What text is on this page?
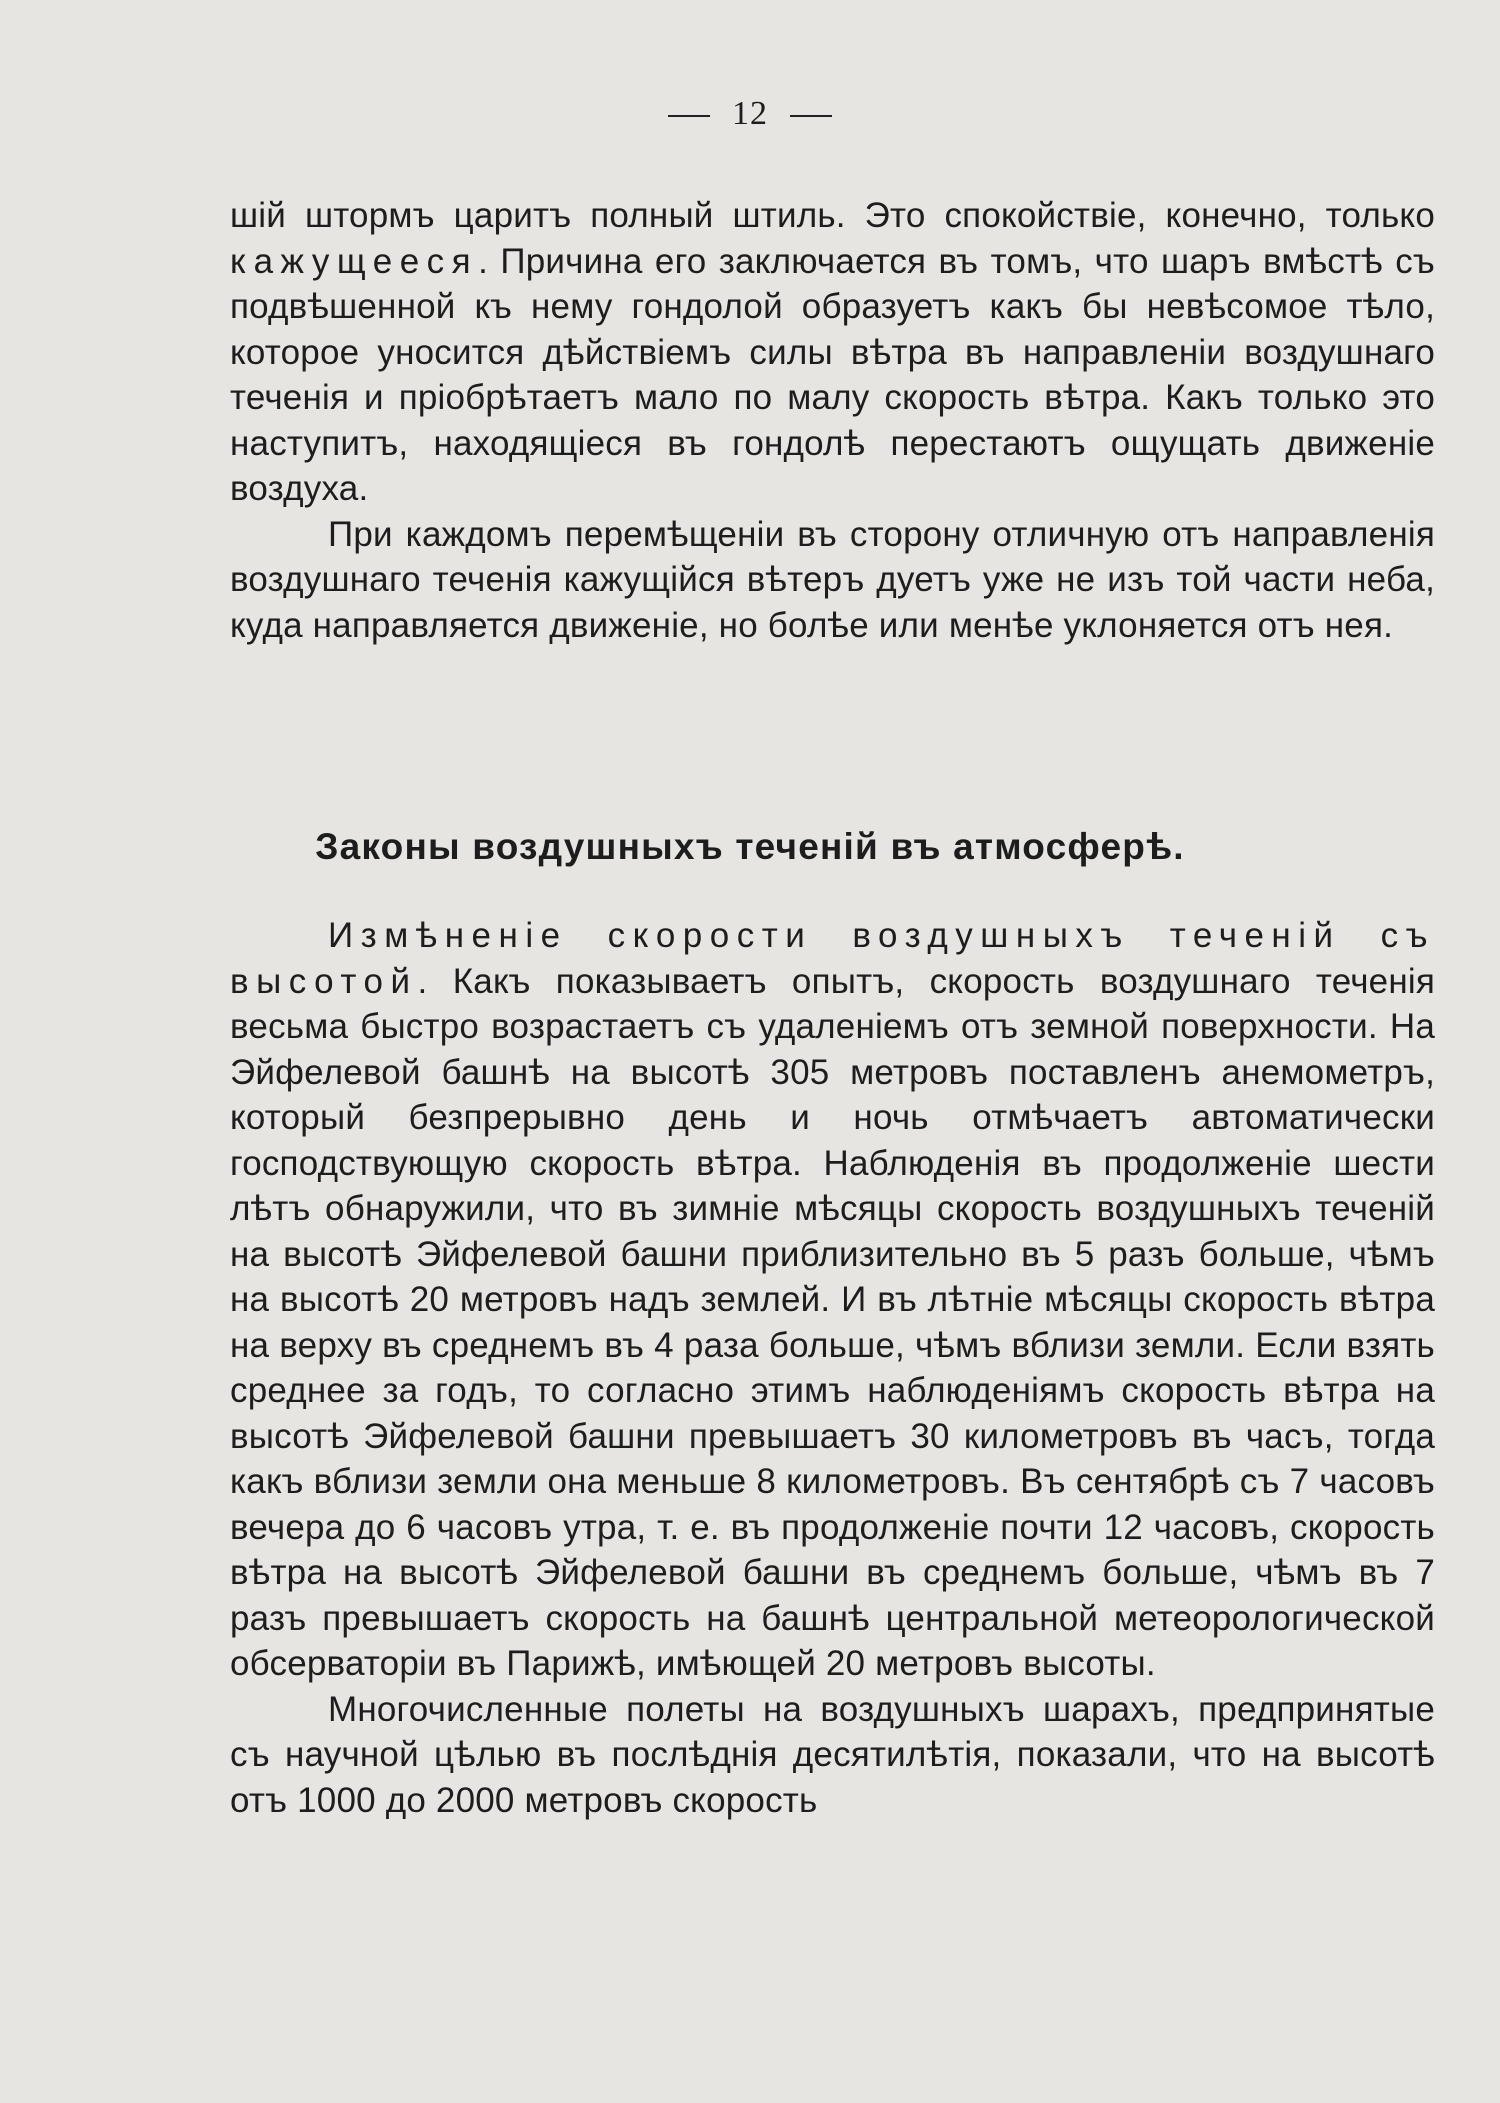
12

шій штормъ царитъ полный штиль. Это спокойствіе, конечно, только кажущееся. Причина его заключается въ томъ, что шаръ вмѣстѣ съ подвѣшенной къ нему гондолой образуетъ какъ бы невѣсомое тѣло, которое уносится дѣйствіемъ силы вѣтра въ направленіи воздушнаго теченія и пріобрѣтаетъ мало по малу скорость вѣтра. Какъ только это наступитъ, находящіеся въ гондолѣ перестаютъ ощущать движеніе воздуха.

При каждомъ перемѣщеніи въ сторону отличную отъ направленія воздушнаго теченія кажущійся вѣтеръ дуетъ уже не изъ той части неба, куда направляется движеніе, но болѣе или менѣе уклоняется отъ нея.

Законы воздушныхъ теченій въ атмосферѣ.

Измѣненіе скорости воздушныхъ теченій съ высотой. Какъ показываетъ опытъ, скорость воздушнаго теченія весьма быстро возрастаетъ съ удаленіемъ отъ земной поверхности. На Эйфелевой башнѣ на высотѣ 305 метровъ поставленъ анемометръ, который безпрерывно день и ночь отмѣчаетъ автоматически господствующую скорость вѣтра. Наблюденія въ продолженіе шести лѣтъ обнаружили, что въ зимніе мѣсяцы скорость воздушныхъ теченій на высотѣ Эйфелевой башни приблизительно въ 5 разъ больше, чѣмъ на высотѣ 20 метровъ надъ землей. И въ лѣтніе мѣсяцы скорость вѣтра на верху въ среднемъ въ 4 раза больше, чѣмъ вблизи земли. Если взять среднее за годъ, то согласно этимъ наблюденіямъ скорость вѣтра на высотѣ Эйфелевой башни превышаетъ 30 километровъ въ часъ, тогда какъ вблизи земли она меньше 8 километровъ. Въ сентябрѣ съ 7 часовъ вечера до 6 часовъ утра, т. е. въ продолженіе почти 12 часовъ, скорость вѣтра на высотѣ Эйфелевой башни въ среднемъ больше, чѣмъ въ 7 разъ превышаетъ скорость на башнѣ центральной метеорологической обсерваторіи въ Парижѣ, имѣющей 20 метровъ высоты.

Многочисленные полеты на воздушныхъ шарахъ, предпринятые съ научной цѣлью въ послѣднія десятилѣтія, показали, что на высотѣ отъ 1000 до 2000 метровъ скорость
